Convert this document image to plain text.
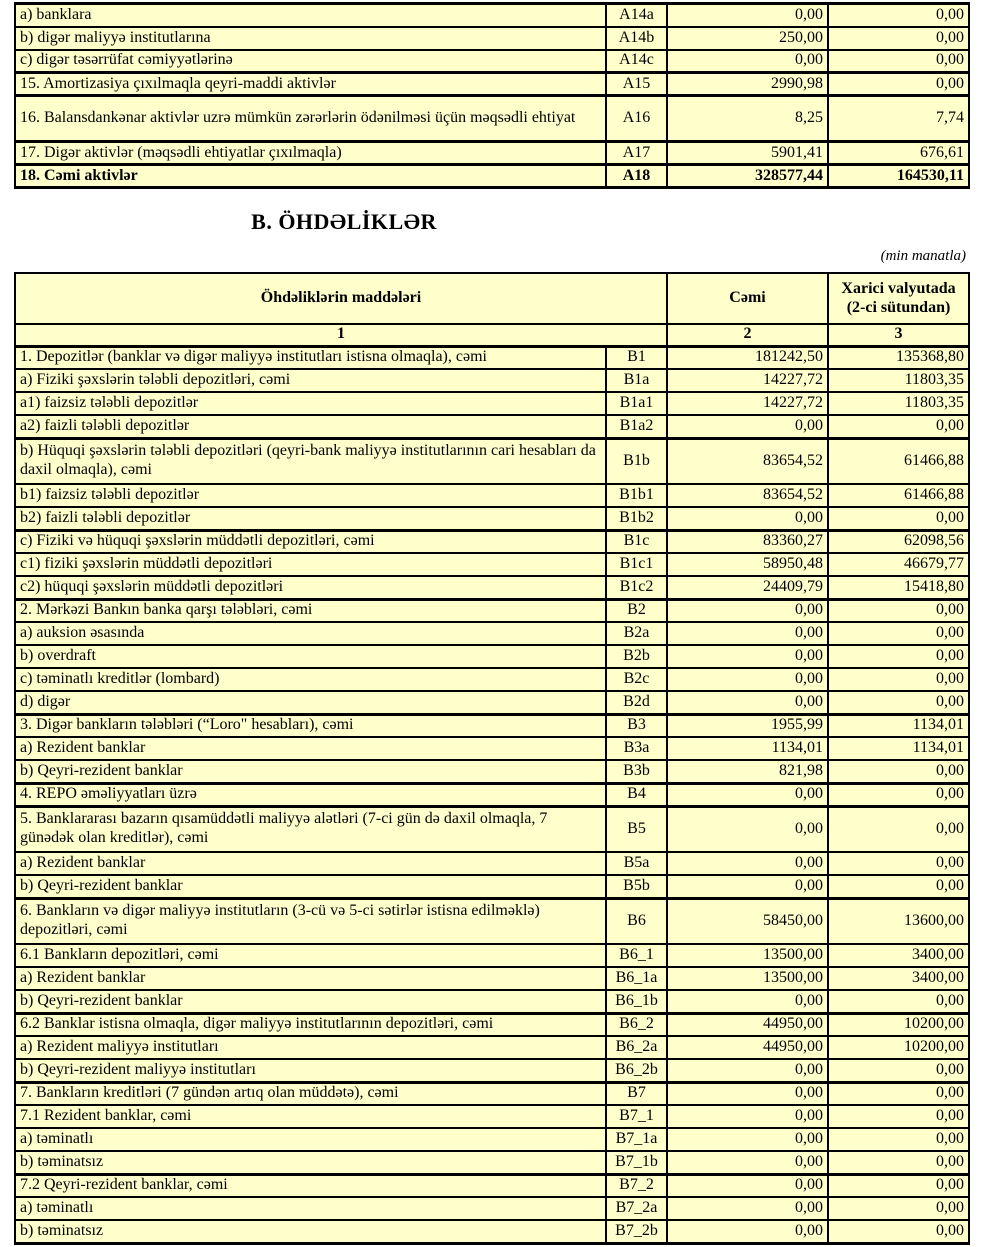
a) banklara	A14a	0,00	0,00
b) digər maliyyə institutlarına	A14b	250,00	0,00
c) digər təsərrüfat cəmiyyətlərinə	A14c	0,00	0,00
15. Amortizasiya çıxılmaqla qeyri-maddi aktivlər	A15	2990,98	0,00
16. Balansdankənar aktivlər uzrə mümkün zərərlərin ödənilməsi üçün məqsədli ehtiyat	A16	8,25	7,74
17. Digər aktivlər (məqsədli ehtiyatlar çıxılmaqla)	A17	5901,41	676,61
18. Cəmi aktivlər	A18	328577,44	164530,11
B. ÖHDƏLİKLƏR
(min manatla)
Öhdəliklərin maddələri		Cəmi	Xarici valyutada
(2-ci sütundan)

1		2	3
1. Depozitlər (banklar və digər maliyyə institutları istisna olmaqla), cəmi	B1	181242,50	135368,80
a) Fiziki şəxslərin tələbli depozitləri, cəmi	B1a	14227,72	11803,35
a1) faizsiz tələbli depozitlər	B1a1	14227,72	11803,35
a2) faizli tələbli depozitlər	B1a2	0,00	0,00
b) Hüquqi şəxslərin tələbli depozitləri (qeyri-bank maliyyə institutlarının cari hesabları da daxil olmaqla), cəmi	B1b	83654,52	61466,88
b1) faizsiz tələbli depozitlər	B1b1	83654,52	61466,88
b2) faizli tələbli depozitlər	B1b2	0,00	0,00
c) Fiziki və hüquqi şəxslərin müddətli depozitləri, cəmi	B1c	83360,27	62098,56
c1) fiziki şəxslərin müddətli depozitləri	B1c1	58950,48	46679,77
c2) hüquqi şəxslərin müddətli depozitləri	B1c2	24409,79	15418,80
2. Mərkəzi Bankın banka qarşı tələbləri, cəmi	B2	0,00	0,00
a) auksion əsasında	B2a	0,00	0,00
b) overdraft	B2b	0,00	0,00
c) təminatlı kreditlər (lombard)	B2c	0,00	0,00
d) digər	B2d	0,00	0,00
3. Digər bankların tələbləri (“Loro" hesabları), cəmi	B3	1955,99	1134,01
a) Rezident banklar	B3a	1134,01	1134,01
b) Qeyri-rezident banklar	B3b	821,98	0,00
4. REPO əməliyyatları üzrə	B4	0,00	0,00
5. Banklararası bazarın qısamüddətli maliyyə alətləri (7-ci gün də daxil olmaqla, 7 günədək olan kreditlər), cəmi	B5	0,00	0,00
a) Rezident banklar	B5a	0,00	0,00
b) Qeyri-rezident banklar	B5b	0,00	0,00
6. Bankların və digər maliyyə institutların (3-cü və 5-ci sətirlər istisna edilməklə) depozitləri, cəmi	B6	58450,00	13600,00
6.1 Bankların depozitləri, cəmi	B6_1	13500,00	3400,00
a) Rezident banklar	B6_1a	13500,00	3400,00
b) Qeyri-rezident banklar	B6_1b	0,00	0,00
6.2 Banklar istisna olmaqla, digər maliyyə institutlarının depozitləri, cəmi	B6_2	44950,00	10200,00
a) Rezident maliyyə institutları	B6_2a	44950,00	10200,00
b) Qeyri-rezident maliyyə institutları	B6_2b	0,00	0,00
7. Bankların kreditləri (7 gündən artıq olan müddətə), cəmi	B7	0,00	0,00
7.1 Rezident banklar, cəmi	B7_1	0,00	0,00
a) təminatlı	B7_1a	0,00	0,00
b) təminatsız	B7_1b	0,00	0,00
7.2 Qeyri-rezident banklar, cəmi	B7_2	0,00	0,00
a) təminatlı	B7_2a	0,00	0,00
b) təminatsız	B7_2b	0,00	0,00
